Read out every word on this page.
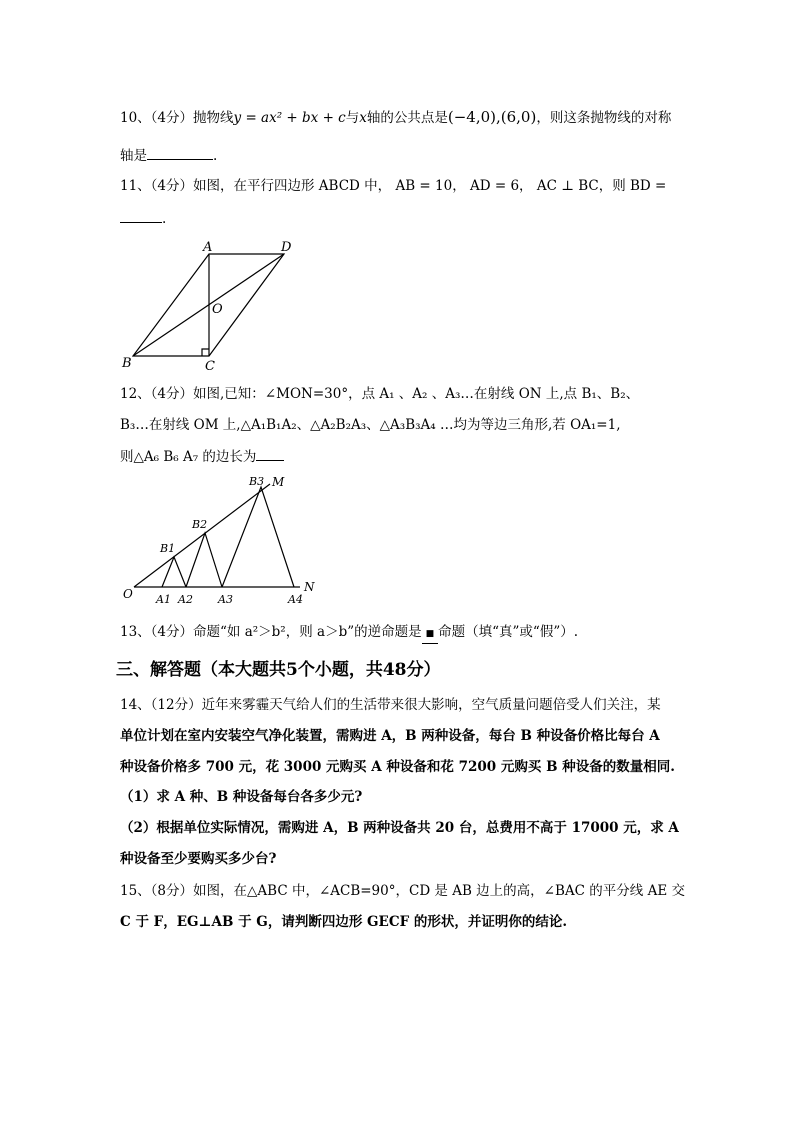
10、（4分）抛物线y = ax² + bx + c与x轴的公共点是(−4,0),(6,0)，则这条抛物线的对称
轴是	.
11、（4分）如图，在平行四边形 ABCD 中， AB = 10， AD = 6， AC ⊥ BC，则 BD =
.
A	D
O
B	C
12、（4分）如图,已知：∠MON=30°，点 A₁ 、A₂ 、A₃…在射线 ON 上,点 B₁、B₂、
B₃…在射线 OM 上,△A₁B₁A₂、△A₂B₂A₃、△A₃B₃A₄ …均为等边三角形,若 OA₁=1,
则△A₆ B₆ A₇ 的边长为
O	N
M
A1 A2 A3	A4
B1
B2
B3
13、（4分）命题“如 a²＞b²，则 a＞b”的逆命题是 ■ 命题（填“真”或“假”）.
三、解答题（本大题共5个小题，共48分）
14、（12分）近年来雾霾天气给人们的生活带来很大影响，空气质量问题倍受人们关注，某
单位计划在室内安装空气净化装置，需购进 A，B 两种设备，每台 B 种设备价格比每台 A
种设备价格多 700 元，花 3000 元购买 A 种设备和花 7200 元购买 B 种设备的数量相同.
（1）求 A 种、B 种设备每台各多少元?
（2）根据单位实际情况，需购进 A，B 两种设备共 20 台，总费用不高于 17000 元，求 A
种设备至少要购买多少台?
15、（8分）如图，在△ABC 中，∠ACB=90°，CD 是 AB 边上的高，∠BAC 的平分线 AE 交
C 于 F，EG⊥AB 于 G，请判断四边形 GECF 的形状，并证明你的结论.
